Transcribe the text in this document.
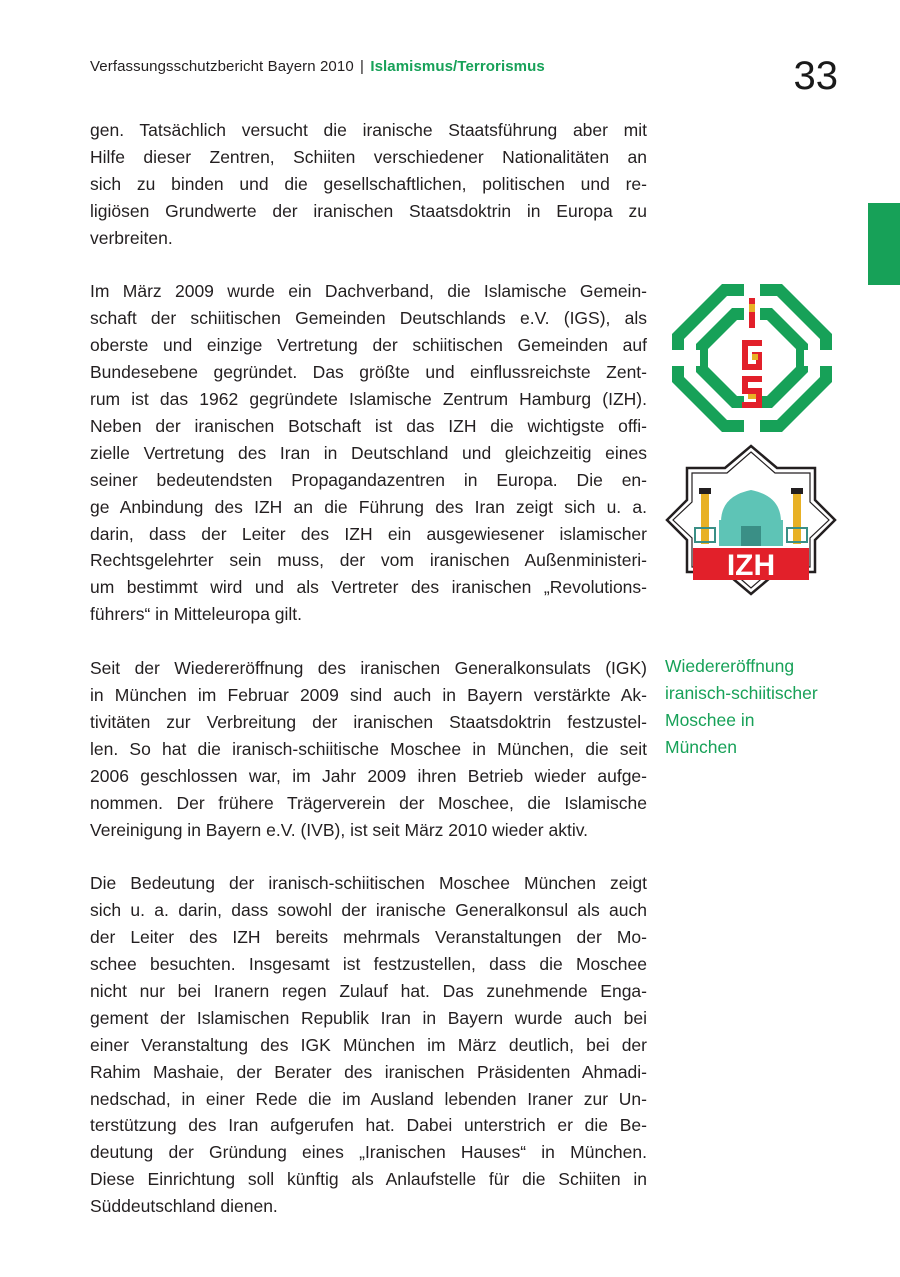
Verfassungsschutzbericht Bayern 2010 | Islamismus/Terrorismus	33

gen. Tatsächlich versucht die iranische Staatsführung aber mit
Hilfe dieser Zentren, Schiiten verschiedener Nationalitäten an
sich zu binden und die gesellschaftlichen, politischen und re-
ligiösen Grundwerte der iranischen Staatsdoktrin in Europa zu
verbreiten.

Im März 2009 wurde ein Dachverband, die Islamische Gemein-
schaft der schiitischen Gemeinden Deutschlands e.V. (IGS), als
oberste und einzige Vertretung der schiitischen Gemeinden auf
Bundesebene gegründet. Das größte und einflussreichste Zent-
rum ist das 1962 gegründete Islamische Zentrum Hamburg (IZH).
Neben der iranischen Botschaft ist das IZH die wichtigste offi-
zielle Vertretung des Iran in Deutschland und gleichzeitig eines
seiner bedeutendsten Propagandazentren in Europa. Die en-
ge Anbindung des IZH an die Führung des Iran zeigt sich u. a.
darin, dass der Leiter des IZH ein ausgewiesener islamischer
Rechtsgelehrter sein muss, der vom iranischen Außenministeri-
um bestimmt wird und als Vertreter des iranischen „Revolutions-
führers“ in Mitteleuropa gilt.

Seit der Wiedereröffnung des iranischen Generalkonsulats (IGK)
in München im Februar 2009 sind auch in Bayern verstärkte Ak-
tivitäten zur Verbreitung der iranischen Staatsdoktrin festzustel-
len. So hat die iranisch-schiitische Moschee in München, die seit
2006 geschlossen war, im Jahr 2009 ihren Betrieb wieder aufge-
nommen. Der frühere Trägerverein der Moschee, die Islamische
Vereinigung in Bayern e.V. (IVB), ist seit März 2010 wieder aktiv.

Die Bedeutung der iranisch-schiitischen Moschee München zeigt
sich u. a. darin, dass sowohl der iranische Generalkonsul als auch
der Leiter des IZH bereits mehrmals Veranstaltungen der Mo-
schee besuchten. Insgesamt ist festzustellen, dass die Moschee
nicht nur bei Iranern regen Zulauf hat. Das zunehmende Enga-
gement der Islamischen Republik Iran in Bayern wurde auch bei
einer Veranstaltung des IGK München im März deutlich, bei der
Rahim Mashaie, der Berater des iranischen Präsidenten Ahmadi-
nedschad, in einer Rede die im Ausland lebenden Iraner zur Un-
terstützung des Iran aufgerufen hat. Dabei unterstrich er die Be-
deutung der Gründung eines „Iranischen Hauses“ in München.
Diese Einrichtung soll künftig als Anlaufstelle für die Schiiten in
Süddeutschland dienen.

IZH
Wiedereröffnung
iranisch-schiitischer
Moschee in
München
